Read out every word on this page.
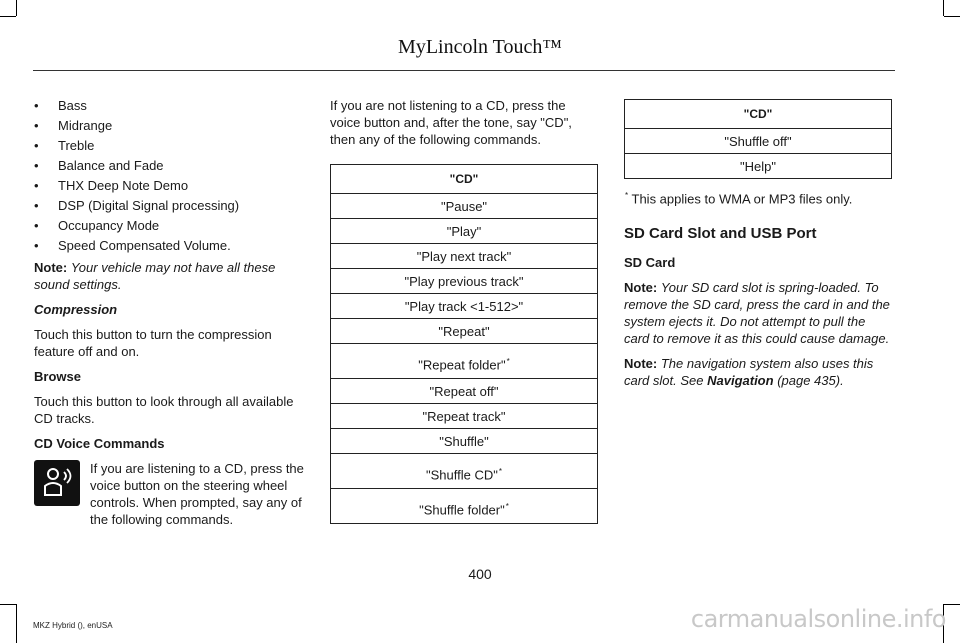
MyLincoln Touch™
• Bass
• Midrange
• Treble
• Balance and Fade
• THX Deep Note Demo
• DSP (Digital Signal processing)
• Occupancy Mode
• Speed Compensated Volume.

Note: Your vehicle may not have all these sound settings.

Compression

Touch this button to turn the compression feature off and on.

Browse

Touch this button to look through all available CD tracks.

CD Voice Commands

If you are listening to a CD, press the voice button on the steering wheel controls. When prompted, say any of the following commands.

If you are not listening to a CD, press the voice button and, after the tone, say "CD", then any of the following commands.

"CD"
"Pause"
"Play"
"Play next track"
"Play previous track"
"Play track <1-512>"
"Repeat"
"Repeat folder"*
"Repeat off"
"Repeat track"
"Shuffle"
"Shuffle CD"*
"Shuffle folder"*
"CD"
"Shuffle off"
"Help"

* This applies to WMA or MP3 files only.

SD Card Slot and USB Port

SD Card

Note: Your SD card slot is spring-loaded. To remove the SD card, press the card in and the system ejects it. Do not attempt to pull the card to remove it as this could cause damage.

Note: The navigation system also uses this card slot. See Navigation (page 435).

400
MKZ Hybrid (), enUSA	carmanualsonline.info
